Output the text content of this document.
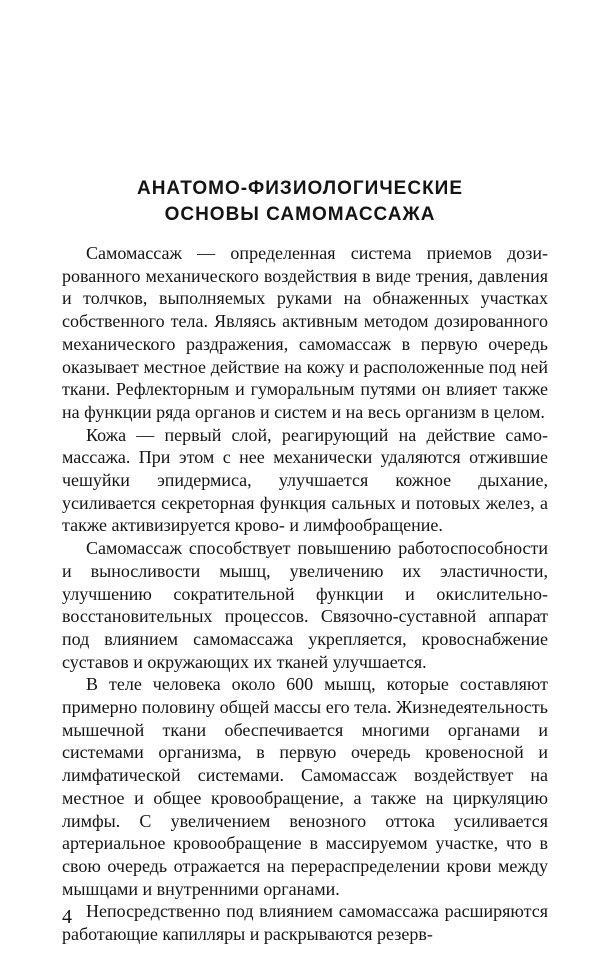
АНАТОМО-ФИЗИОЛОГИЧЕСКИЕ
ОСНОВЫ САМОМАССАЖА

Самомассаж — определенная система приемов дозированного механического воздействия в виде трения, давления и толчков, выполняемых руками на обнаженных участках собственного тела. Являясь активным методом дозированного механического раздражения, самомассаж в первую очередь оказывает местное действие на кожу и расположенные под ней ткани. Рефлекторным и гуморальным путями он влияет также на функции ряда органов и систем и на весь организм в целом.

Кожа — первый слой, реагирующий на действие самомассажа. При этом с нее механически удаляются отжившие чешуйки эпидермиса, улучшается кожное дыхание, усиливается секреторная функция сальных и потовых желез, а также активизируется крово- и лимфообращение.

Самомассаж способствует повышению работоспособности и выносливости мышц, увеличению их эластичности, улучшению сократительной функции и окислительно-восстановительных процессов. Связочно-суставной аппарат под влиянием самомассажа укрепляется, кровоснабжение суставов и окружающих их тканей улучшается.

В теле человека около 600 мышц, которые составляют примерно половину общей массы его тела. Жизнедеятельность мышечной ткани обеспечивается многими органами и системами организма, в первую очередь кровеносной и лимфатической системами. Самомассаж воздействует на местное и общее кровообращение, а также на циркуляцию лимфы. С увеличением венозного оттока усиливается артериальное кровообращение в массируемом участке, что в свою очередь отражается на перераспределении крови между мышцами и внутренними органами.

Непосредственно под влиянием самомассажа расширяются работающие капилляры и раскрываются резерв-

4
